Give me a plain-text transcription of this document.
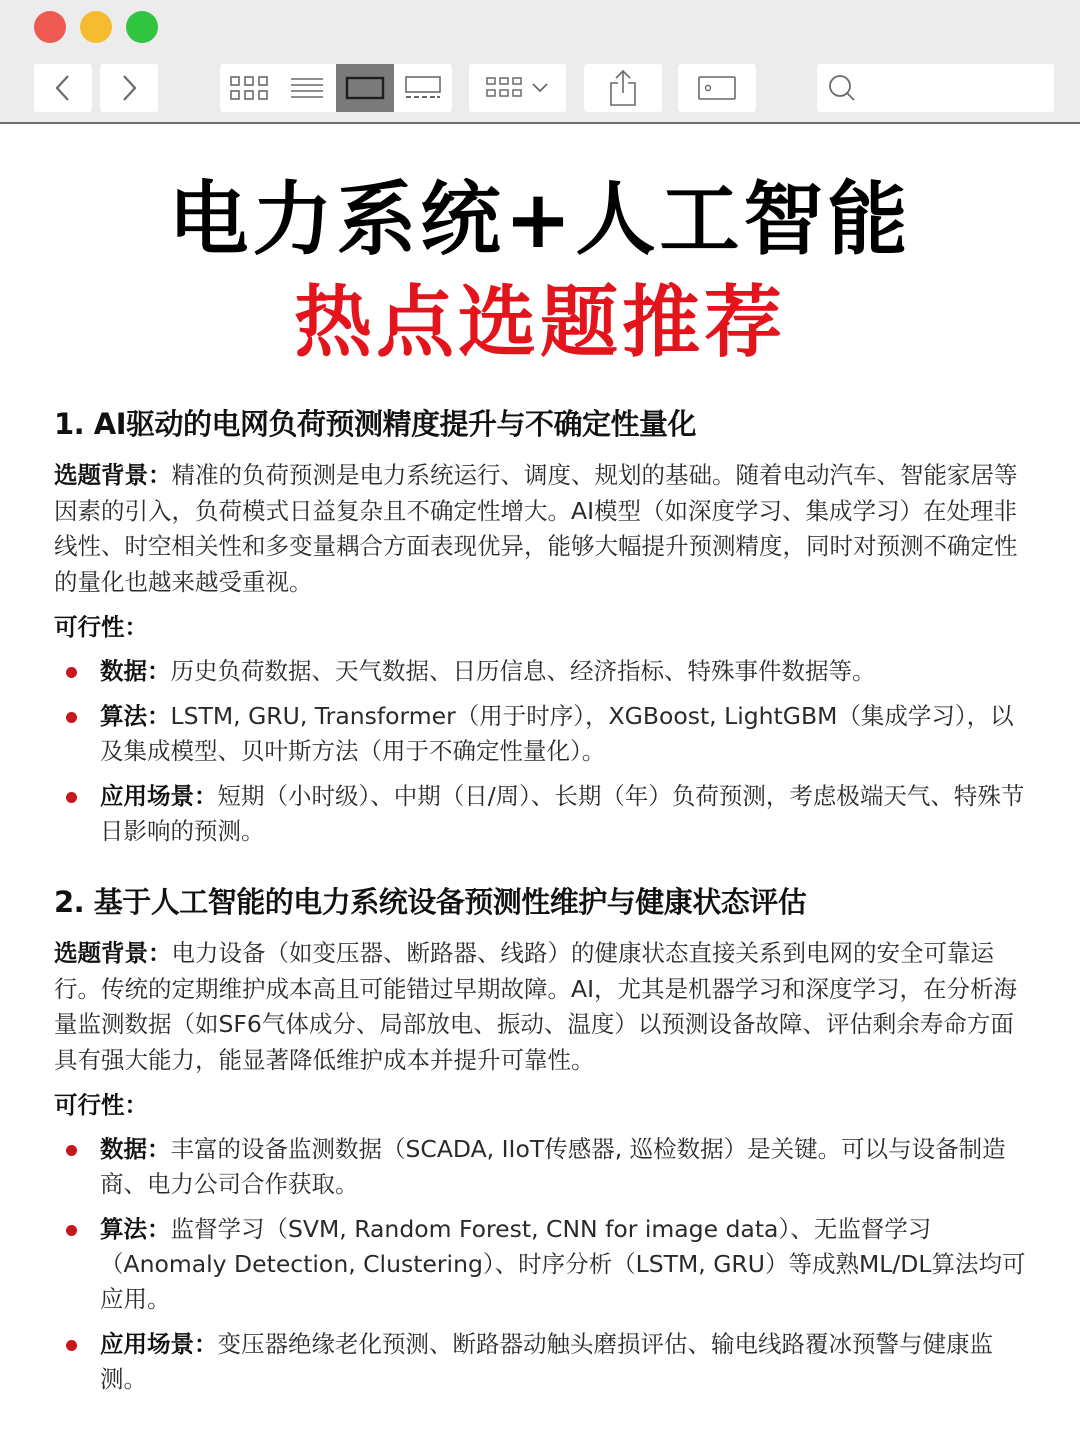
电力系统+人工智能
热点选题推荐
1. AI驱动的电网负荷预测精度提升与不确定性量化

选题背景：精准的负荷预测是电力系统运行、调度、规划的基础。随着电动汽车、智能家居等因素的引入，负荷模式日益复杂且不确定性增大。AI模型（如深度学习、集成学习）在处理非线性、时空相关性和多变量耦合方面表现优异，能够大幅提升预测精度，同时对预测不确定性的量化也越来越受重视。

可行性：
数据：历史负荷数据、天气数据、日历信息、经济指标、特殊事件数据等。
算法：LSTM, GRU, Transformer（用于时序），XGBoost, LightGBM（集成学习），以及集成模型、贝叶斯方法（用于不确定性量化）。
应用场景：短期（小时级）、中期（日/周）、长期（年）负荷预测，考虑极端天气、特殊节日影响的预测。
2. 基于人工智能的电力系统设备预测性维护与健康状态评估

选题背景：电力设备（如变压器、断路器、线路）的健康状态直接关系到电网的安全可靠运行。传统的定期维护成本高且可能错过早期故障。AI，尤其是机器学习和深度学习，在分析海量监测数据（如SF6气体成分、局部放电、振动、温度）以预测设备故障、评估剩余寿命方面具有强大能力，能显著降低维护成本并提升可靠性。

可行性：
数据：丰富的设备监测数据（SCADA, IIoT传感器, 巡检数据）是关键。可以与设备制造商、电力公司合作获取。
算法：监督学习（SVM, Random Forest, CNN for image data）、无监督学习（Anomaly Detection, Clustering）、时序分析（LSTM, GRU）等成熟ML/DL算法均可应用。
应用场景：变压器绝缘老化预测、断路器动触头磨损评估、输电线路覆冰预警与健康监测。
